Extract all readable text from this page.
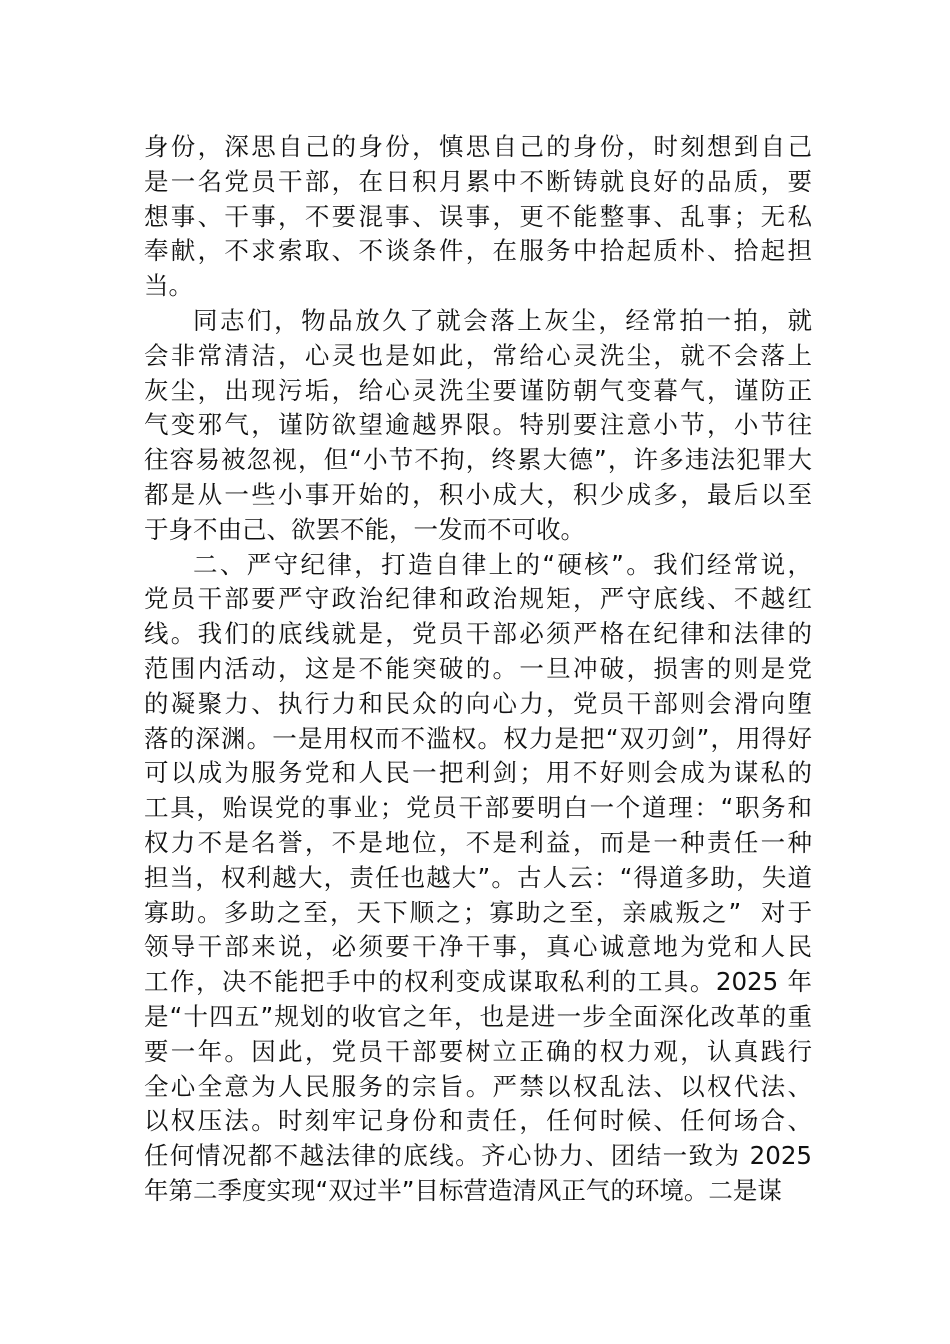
身份，深思自己的身份，慎思自己的身份，时刻想到自己
是一名党员干部，在日积月累中不断铸就良好的品质，要
想事、干事，不要混事、误事，更不能整事、乱事；无私
奉献，不求索取、不谈条件，在服务中拾起质朴、拾起担
当。
同志们，物品放久了就会落上灰尘，经常拍一拍，就
会非常清洁，心灵也是如此，常给心灵洗尘，就不会落上
灰尘，出现污垢，给心灵洗尘要谨防朝气变暮气，谨防正
气变邪气，谨防欲望逾越界限。特别要注意小节，小节往
往容易被忽视，但“小节不拘，终累大德”，许多违法犯罪大
都是从一些小事开始的，积小成大，积少成多，最后以至
于身不由己、欲罢不能，一发而不可收。
二、严守纪律，打造自律上的“硬核”。我们经常说，
党员干部要严守政治纪律和政治规矩，严守底线、不越红
线。我们的底线就是，党员干部必须严格在纪律和法律的
范围内活动，这是不能突破的。一旦冲破，损害的则是党
的凝聚力、执行力和民众的向心力，党员干部则会滑向堕
落的深渊。一是用权而不滥权。权力是把“双刃剑”，用得好
可以成为服务党和人民一把利剑；用不好则会成为谋私的
工具，贻误党的事业；党员干部要明白一个道理：“职务和
权力不是名誉，不是地位，不是利益，而是一种责任一种
担当，权利越大，责任也越大”。古人云：“得道多助，失道
寡助。多助之至，天下顺之；寡助之至，亲戚叛之”  对于
领导干部来说，必须要干净干事，真心诚意地为党和人民
工作，决不能把手中的权利变成谋取私利的工具。2025 年
是“十四五”规划的收官之年，也是进一步全面深化改革的重
要一年。因此，党员干部要树立正确的权力观，认真践行
全心全意为人民服务的宗旨。严禁以权乱法、以权代法、
以权压法。时刻牢记身份和责任，任何时候、任何场合、
任何情况都不越法律的底线。齐心协力、团结一致为 2025
年第二季度实现“双过半”目标营造清风正气的环境。二是谋
